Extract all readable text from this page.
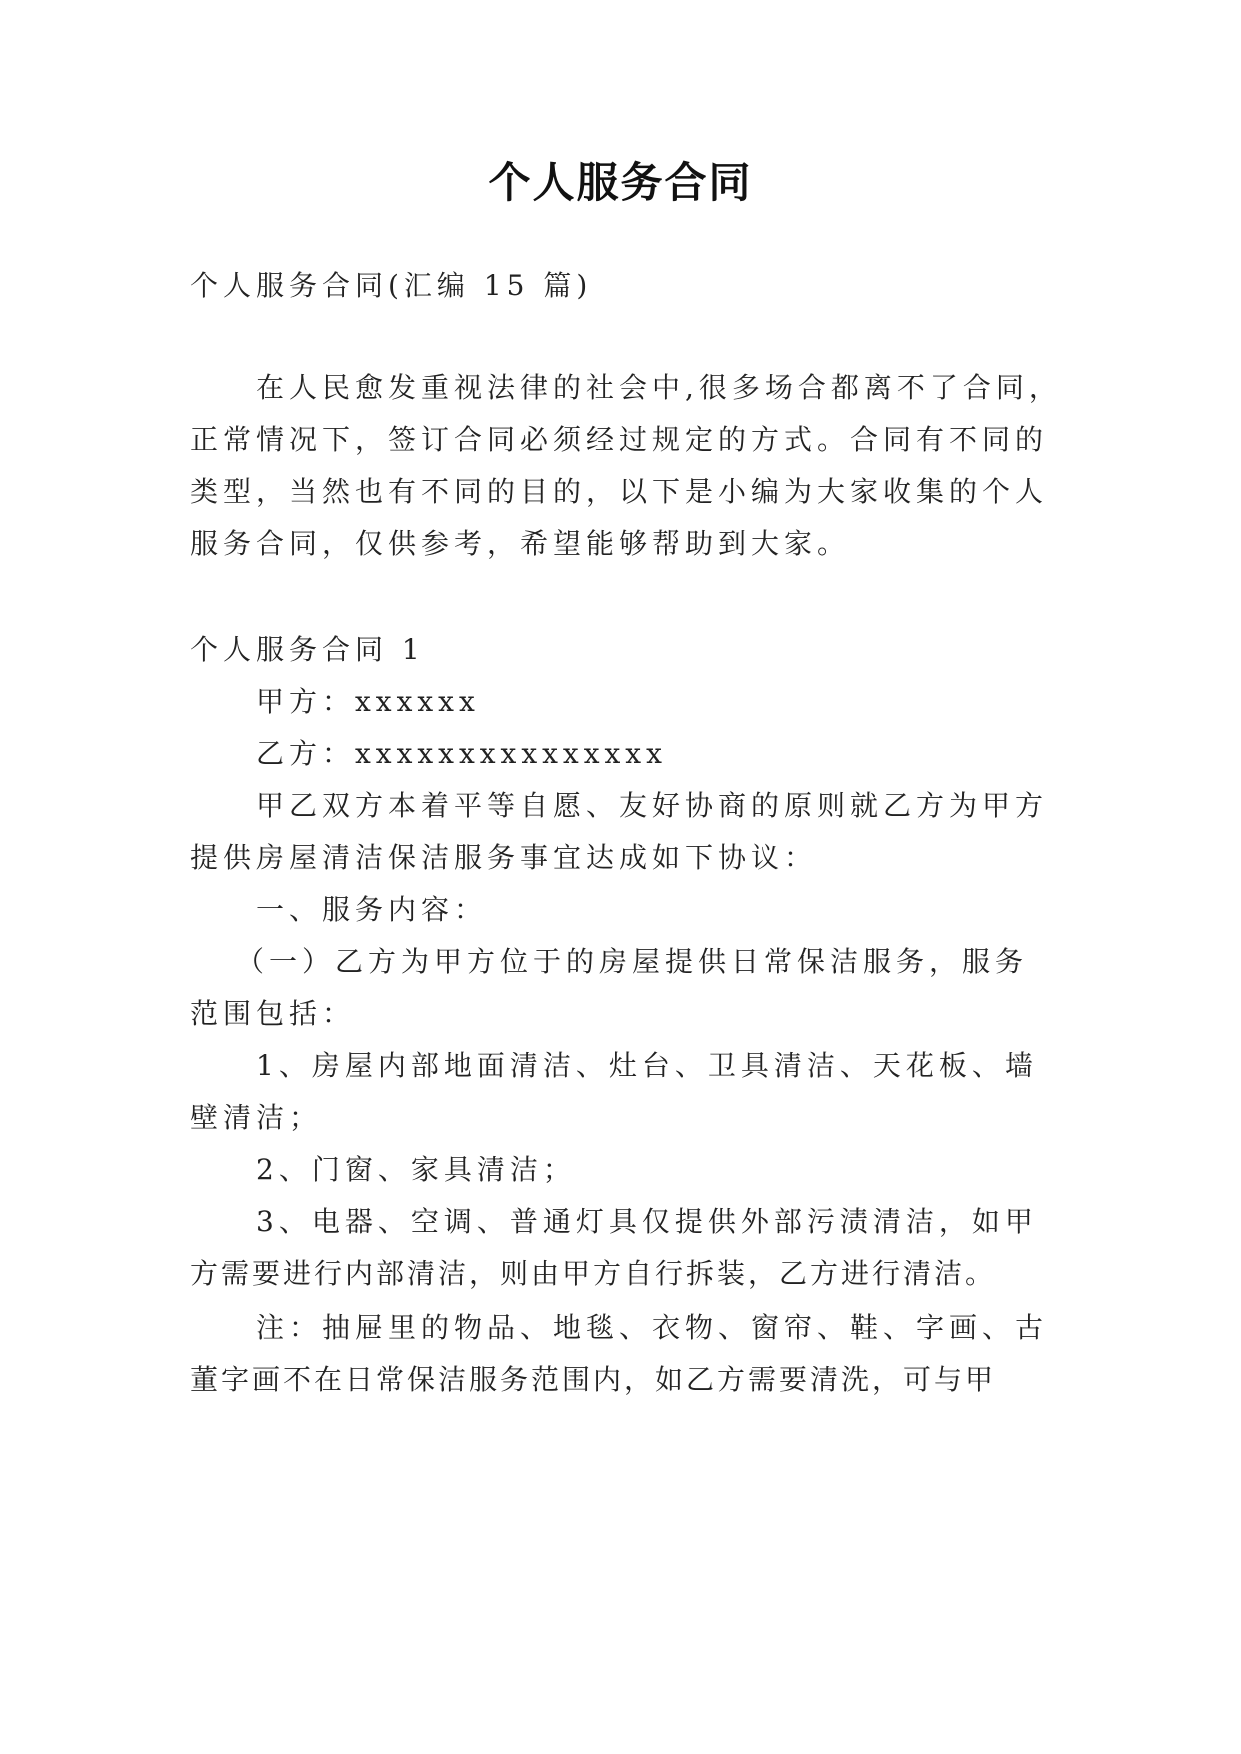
个人服务合同
个人服务合同(汇编 15 篇)
在人民愈发重视法律的社会中,很多场合都离不了合同，
正常情况下，签订合同必须经过规定的方式。合同有不同的
类型，当然也有不同的目的，以下是小编为大家收集的个人
服务合同，仅供参考，希望能够帮助到大家。
个人服务合同 1
甲方：xxxxxx
乙方：xxxxxxxxxxxxxxx
甲乙双方本着平等自愿、友好协商的原则就乙方为甲方
提供房屋清洁保洁服务事宜达成如下协议：
一、服务内容：
（一）乙方为甲方位于的房屋提供日常保洁服务，服务
范围包括：
1、房屋内部地面清洁、灶台、卫具清洁、天花板、墙
壁清洁；
2、门窗、家具清洁；
3、电器、空调、普通灯具仅提供外部污渍清洁，如甲
方需要进行内部清洁，则由甲方自行拆装，乙方进行清洁。
注：抽屉里的物品、地毯、衣物、窗帘、鞋、字画、古
董字画不在日常保洁服务范围内，如乙方需要清洗，可与甲
